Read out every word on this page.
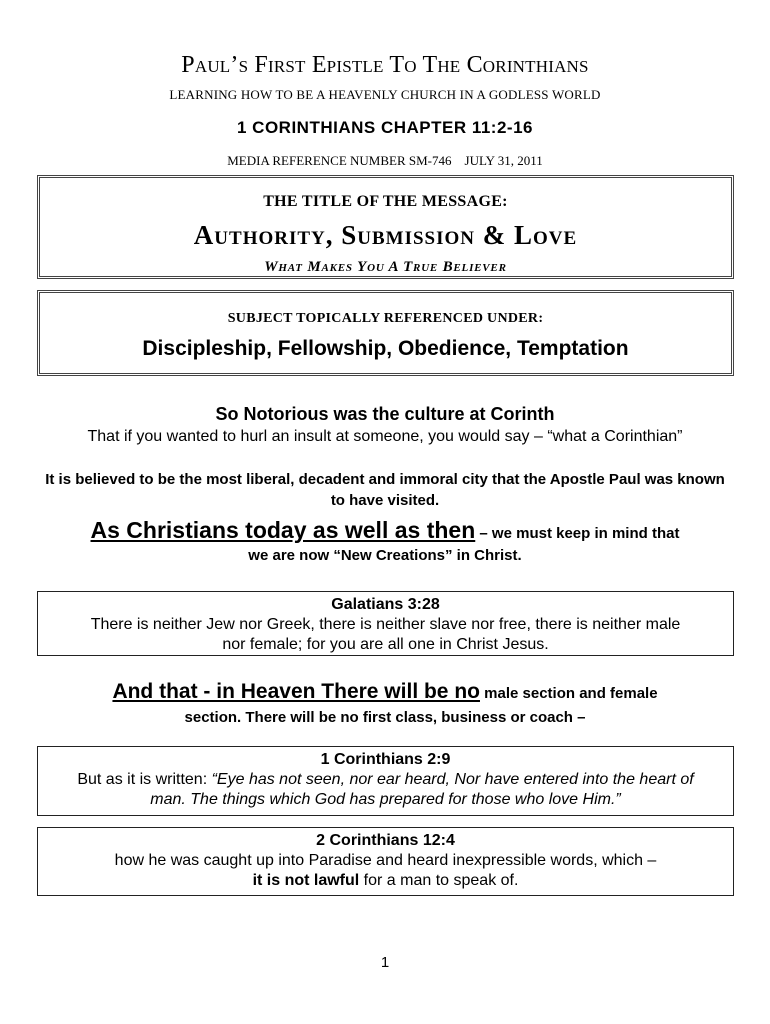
Paul’s First Epistle To The Corinthians
LEARNING HOW TO BE A HEAVENLY CHURCH IN A GODLESS WORLD
1 CORINTHIANS CHAPTER 11:2-16
MEDIA REFERENCE NUMBER SM-746    JULY 31, 2011
THE TITLE OF THE MESSAGE:
Authority, Submission & Love
What Makes You A True Believer
SUBJECT TOPICALLY REFERENCED UNDER:
Discipleship, Fellowship, Obedience, Temptation
So Notorious was the culture at Corinth
That if you wanted to hurl an insult at someone, you would say – “what a Corinthian”
It is believed to be the most liberal, decadent and immoral city that the Apostle Paul was known to have visited.
As Christians today as well as then – we must keep in mind that
we are now “New Creations” in Christ.
Galatians 3:28
There is neither Jew nor Greek, there is neither slave nor free, there is neither male
nor female; for you are all one in Christ Jesus.
And that - in Heaven There will be no male section and female
section. There will be no first class, business or coach –
1 Corinthians 2:9
But as it is written: “Eye has not seen, nor ear heard, Nor have entered into the heart of
man. The things which God has prepared for those who love Him.”
2 Corinthians 12:4
how he was caught up into Paradise and heard inexpressible words, which –
it is not lawful for a man to speak of.
1
